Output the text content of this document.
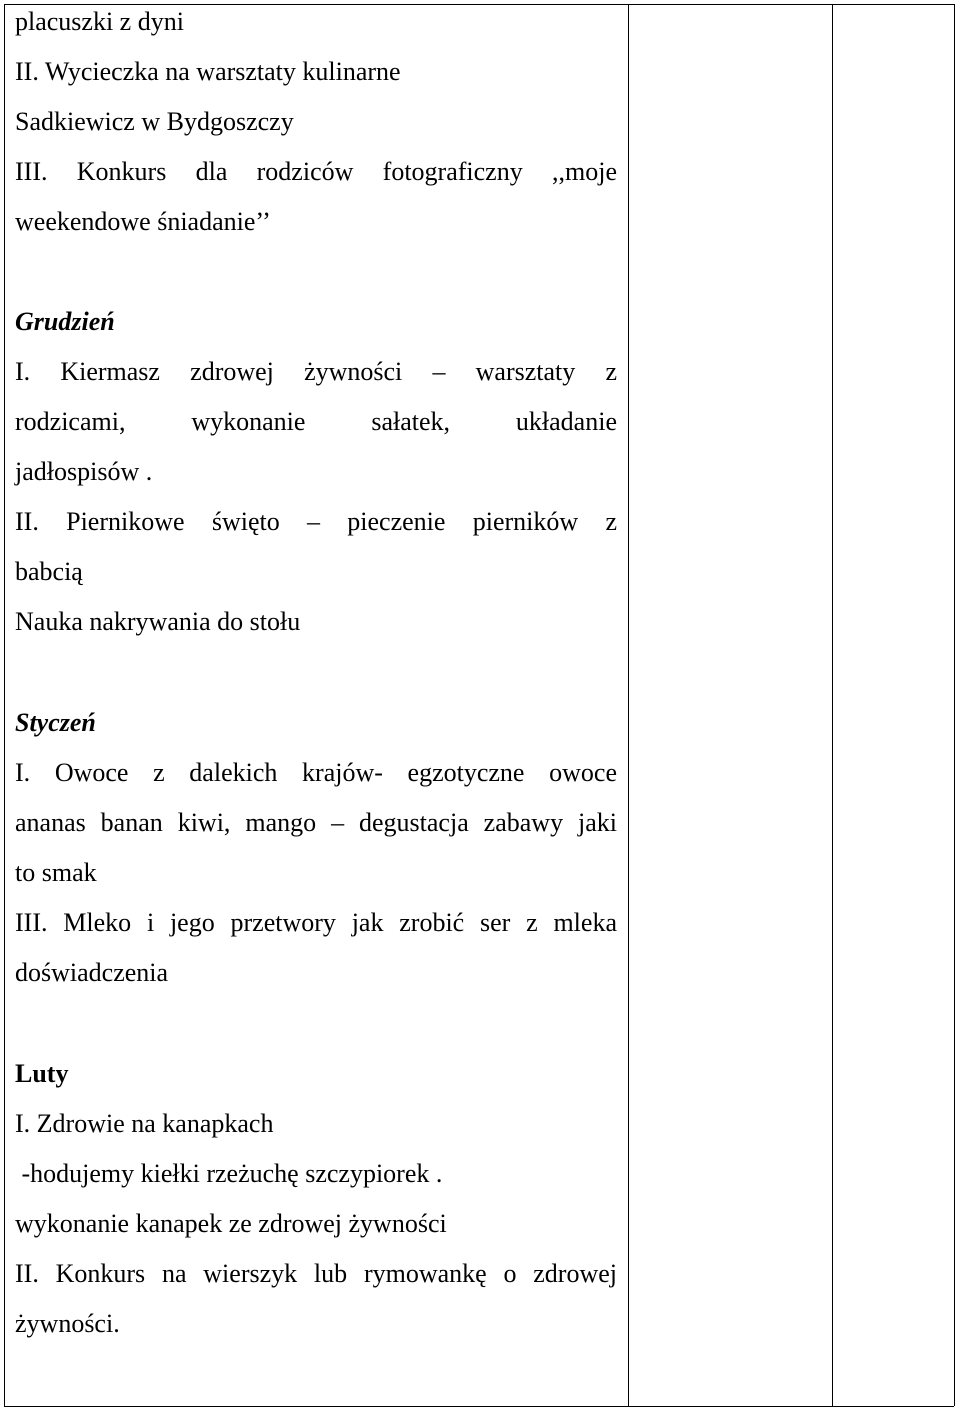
placuszki z dyni
II. Wycieczka na warsztaty kulinarne
Sadkiewicz w Bydgoszczy
III. Konkurs dla rodziców fotograficzny ,,moje
weekendowe śniadanie’’
Grudzień
I. Kiermasz zdrowej żywności – warsztaty z
rodzicami, wykonanie sałatek, układanie
jadłospisów .
II. Piernikowe święto – pieczenie pierników z
babcią
Nauka nakrywania do stołu
Styczeń
I. Owoce z dalekich krajów- egzotyczne owoce
ananas banan kiwi, mango – degustacja zabawy jaki
to smak
III. Mleko i jego przetwory jak zrobić ser z mleka
doświadczenia
Luty
I. Zdrowie na kanapkach
-hodujemy kiełki rzeżuchę szczypiorek .
wykonanie kanapek ze zdrowej żywności
II. Konkurs na wierszyk lub rymowankę o zdrowej
żywności.
